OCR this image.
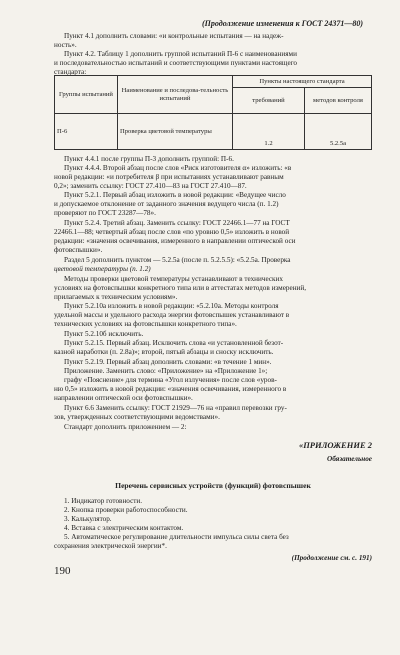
(Продолжение изменения к ГОСТ 24371—80)
Пункт 4.1 дополнить словами: «и контрольные испытания — на надеж-
ность».
Пункт 4.2. Таблицу 1 дополнить группой испытаний П-6 с наименованиями
и последовательностью испытаний и соответствующими пунктами настоящего
стандарта:
Группы испытаний	Наименование и последова-тельность испытаний	Пункты настоящего стандарта	
		требований	методов контроля
П-6	Проверка цветовой температуры	1.2	5.2.5а
Пункт 4.4.1 после группы П-3 дополнить группой: П-6.
Пункт 4.4.4. Второй абзац после слов «Риск изготовителя α» изложить: «в
новой редакции: «и потребителя β при испытаниях устанавливают равным
0,2»; заменить ссылку: ГОСТ 27.410—83 на ГОСТ 27.410—87.
Пункт 5.2.1. Первый абзац изложить в новой редакции: «Ведущее число
и допускаемое отклонение от заданного значения ведущего числа (п. 1.2)
проверяют по ГОСТ 23287—78».
Пункт 5.2.4. Третий абзац. Заменить ссылку: ГОСТ 22466.1—77 на ГОСТ
22466.1—88; четвертый абзац после слов «по уровню 0,5» изложить в новой
редакции: «значения освечивания, измеренного в направлении оптической оси
фотовспышки».
Раздел 5 дополнить пунктом — 5.2.5а (после п. 5.2.5.5): «5.2.5а. Проверка
цветовой температуры (п. 1.2)
Методы проверки цветовой температуры устанавливают в технических
условиях на фотовспышки конкретного типа или в аттестатах методов измерений,
прилагаемых к техническим условиям».
Пункт 5.2.10а изложить в новой редакции: «5.2.10а. Методы контроля
удельной массы и удельного расхода энергии фотовспышек устанавливают в
технических условиях на фотовспышки конкретного типа».
Пункт 5.2.10б исключить.
Пункт 5.2.15. Первый абзац. Исключить слова «и установленной безот-
казной наработки (п. 2.8а)»; второй, пятый абзацы и сноску исключить.
Пункт 5.2.19. Первый абзац дополнить словами: «в течение 1 мин».
Приложение. Заменить слово: «Приложение» на «Приложение 1»;
графу «Пояснение» для термина «Угол излучения» после слов «уров-
ню 0,5» изложить в новой редакции: «значения освечивания, измеренного в
направлении оптической оси фотовспышки».
Пункт 6.6 Заменить ссылку: ГОСТ 21929—76 на «правил перевозки гру-
зов, утвержденных соответствующими ведомствами».
Стандарт дополнить приложением — 2:
«ПРИЛОЖЕНИЕ 2
Обязательное
Перечень сервисных устройств (функций) фотовспышек
1. Индикатор готовности.
2. Кнопка проверки работоспособности.
3. Калькулятор.
4. Вставка с электрическим контактом.
5. Автоматическое регулирование длительности импульса силы света без
сохранения электрической энергии*.
(Продолжение см. с. 191)
190
